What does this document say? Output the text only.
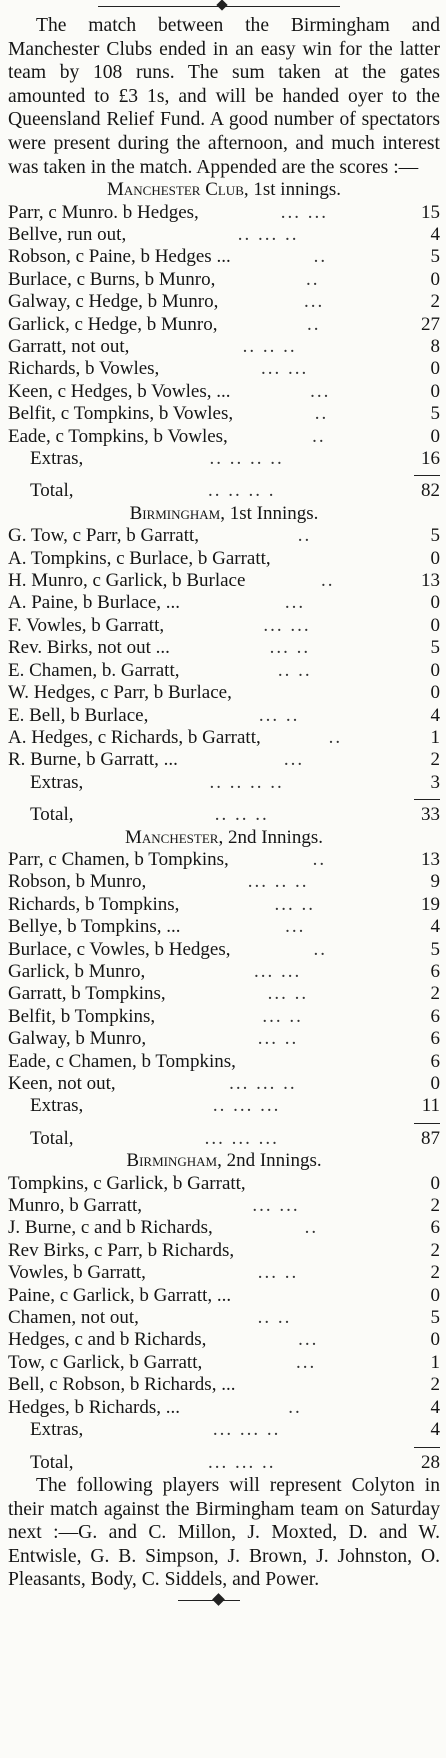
The match between the Birmingham and Manchester Clubs ended in an easy win for the latter team by 108 runs. The sum taken at the gates amounted to £3 1s, and will be handed oyer to the Queensland Relief Fund. A good number of spectators were present during the afternoon, and much interest was taken in the match. Appended are the scores :—

Manchester Club, 1st innings.

Parr, c Munro. b Hedges,	... ...	15
Bellve, run out,	.. ... ..	4
Robson, c Paine, b Hedges ...	..	5
Burlace, c Burns, b Munro,	..	0
Galway, c Hedge, b Munro,	...	2
Garlick, c Hedge, b Munro,	..	27
Garratt, not out,	.. .. ..	8
Richards, b Vowles,	... ...	0
Keen, c Hedges, b Vowles, ...	...	0
Belfit, c Tompkins, b Vowles,	..	5
Eade, c Tompkins, b Vowles,	..	0
Extras,	.. .. .. ..	16
Total,	.. .. .. .	82

Birmingham, 1st Innings.

G. Tow, c Parr, b Garratt,	..	5
A. Tompkins, c Burlace, b Garratt,	0
H. Munro, c Garlick, b Burlace	..	13
A. Paine, b Burlace, ...	...	0
F. Vowles, b Garratt,	... ...	0
Rev. Birks, not out ...	... ..	5
E. Chamen, b. Garratt,	.. ..	0
W. Hedges, c Parr, b Burlace,	0
E. Bell, b Burlace,	... ..	4
A. Hedges, c Richards, b Garratt,	..	1
R. Burne, b Garratt, ...	...	2
Extras,	.. .. .. ..	3
Total,	.. .. ..	33

Manchester, 2nd Innings.

Parr, c Chamen, b Tompkins,	..	13
Robson, b Munro,	... .. ..	9
Richards, b Tompkins,	... ..	19
Bellye, b Tompkins, ...	...	4
Burlace, c Vowles, b Hedges,	..	5
Garlick, b Munro,	... ...	6
Garratt, b Tompkins,	... ..	2
Belfit, b Tompkins,	... ..	6
Galway, b Munro,	... ..	6
Eade, c Chamen, b Tompkins,	6
Keen, not out,	... ... ..	0
Extras,	.. ... ...	11
Total,	... ... ...	87

Birmingham, 2nd Innings.

Tompkins, c Garlick, b Garratt,	0
Munro, b Garratt,	... ...	2
J. Burne, c and b Richards,	..	6
Rev Birks, c Parr, b Richards,	2
Vowles, b Garratt,	... ..	2
Paine, c Garlick, b Garratt, ...	0
Chamen, not out,	.. ..	5
Hedges, c and b Richards,	...	0
Tow, c Garlick, b Garratt,	...	1
Bell, c Robson, b Richards, ...	2
Hedges, b Richards, ...	..	4
Extras,	... ... ..	4
Total,	... ... ..	28

The following players will represent Colyton in their match against the Birmingham team on Saturday next :—G. and C. Millon, J. Moxted, D. and W. Entwisle, G. B. Simpson, J. Brown, J. Johnston, O. Pleasants, Body, C. Siddels, and Power.
